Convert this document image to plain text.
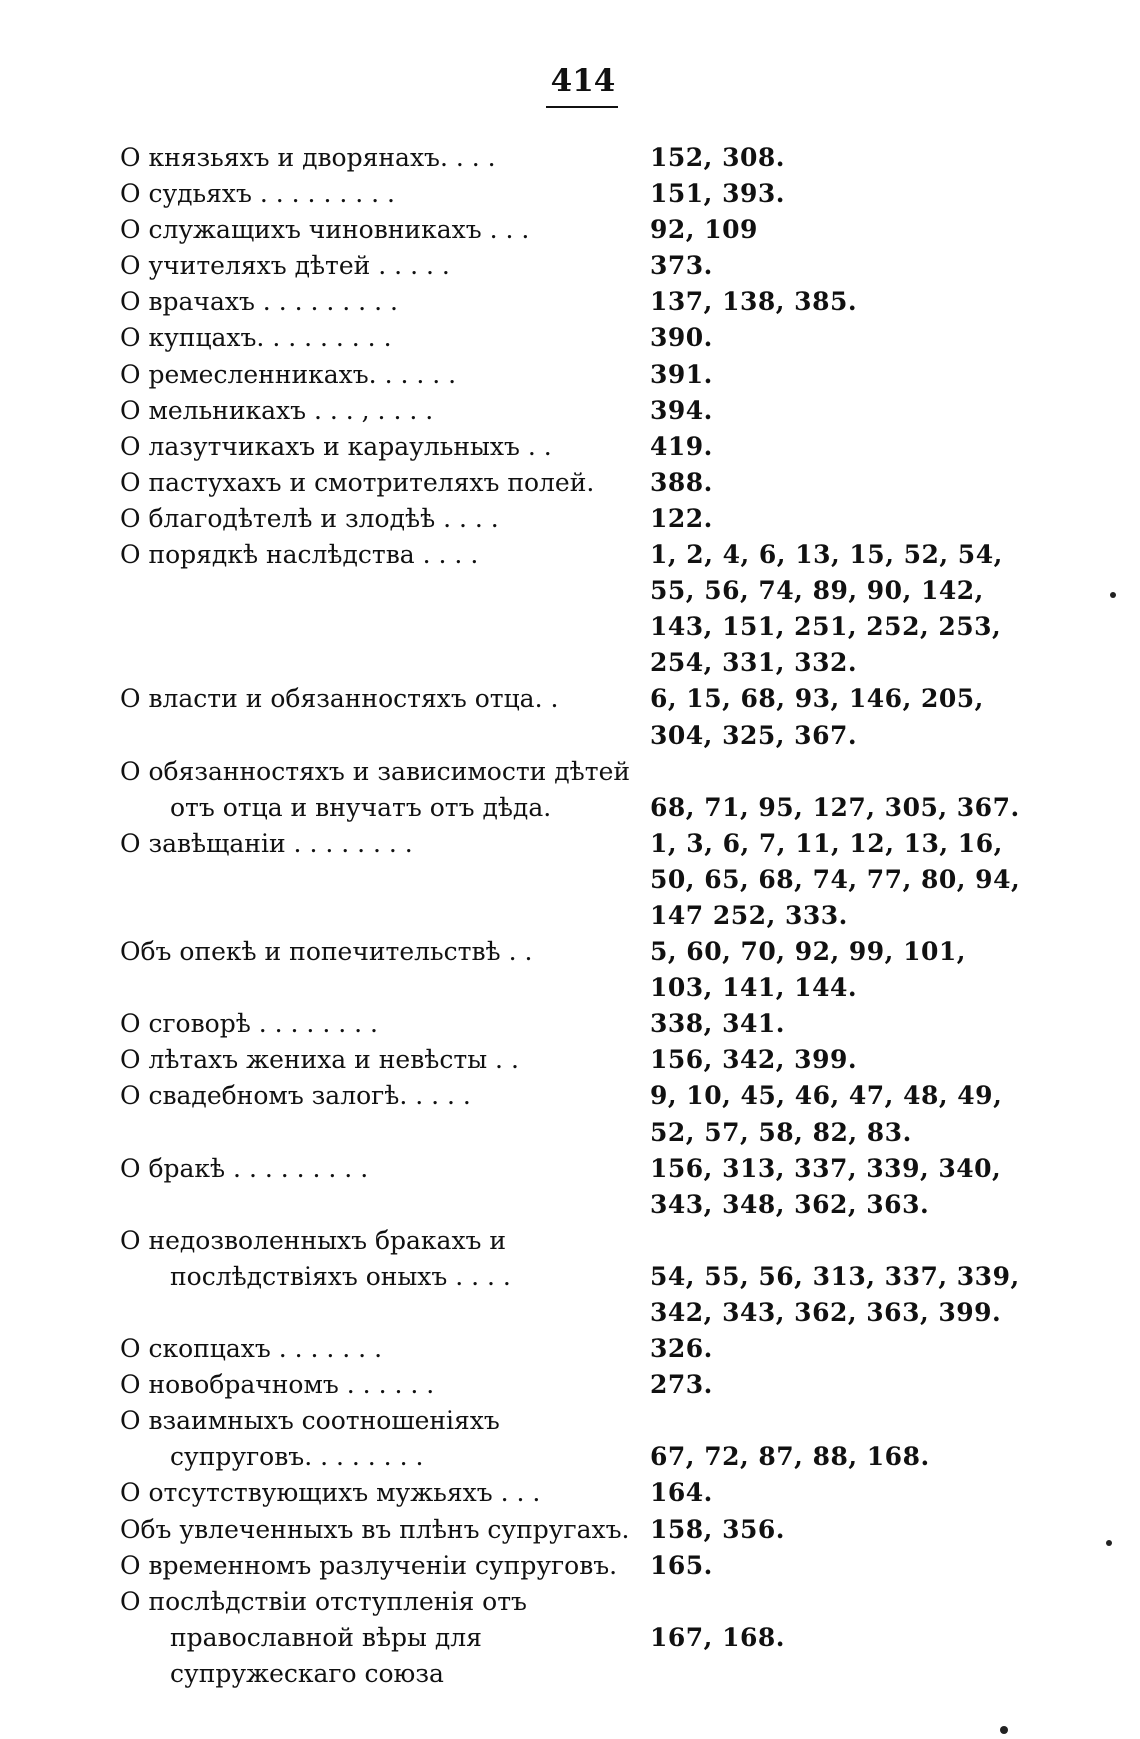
414
О князьяхъ и дворянахъ. . . .	152, 308.
О судьяхъ . . . . . . . . .	151, 393.
О служащихъ чиновникахъ . . .	92, 109
О учителяхъ дѣтей . . . . .	373.
О врачахъ . . . . . . . . .	137, 138, 385.
О купцахъ. . . . . . . . .	390.
О ремесленникахъ. . . . . .	391.
О мельникахъ . . . , . . . .	394.
О лазутчикахъ и караульныхъ . .	419.
О пастухахъ и смотрителяхъ полей.	388.
О благодѣтелѣ и злодѣѣ . . . .	122.
О порядкѣ наслѣдства . . . .	1, 2, 4, 6, 13, 15, 52, 54,
55, 56, 74, 89, 90, 142,
143, 151, 251, 252, 253,
254, 331, 332.
О власти и обязанностяхъ отца. .	6, 15, 68, 93, 146, 205,
304, 325, 367.
О обязанностяхъ и зависимости дѣтей отъ отца и внучатъ отъ дѣда.	
68, 71, 95, 127, 305, 367.
О завѣщаніи . . . . . . . .	1, 3, 6, 7, 11, 12, 13, 16,
50, 65, 68, 74, 77, 80, 94,
147 252, 333.
Объ опекѣ и попечительствѣ . .	5, 60, 70, 92, 99, 101,
103, 141, 144.
О сговорѣ . . . . . . . .	338, 341.
О лѣтахъ жениха и невѣсты . .	156, 342, 399.
О свадебномъ залогѣ. . . . .	9, 10, 45, 46, 47, 48, 49,
52, 57, 58, 82, 83.
О бракѣ . . . . . . . . .	156, 313, 337, 339, 340,
343, 348, 362, 363.
О недозволенныхъ бракахъ и послѣдствіяхъ оныхъ . . . .	
54, 55, 56, 313, 337, 339,
342, 343, 362, 363, 399.
О скопцахъ . . . . . . .	326.
О новобрачномъ . . . . . .	273.
О взаимныхъ соотношеніяхъ супруговъ. . . . . . . .	
67, 72, 87, 88, 168.
О отсутствующихъ мужьяхъ . . .	164.
Объ увлеченныхъ въ плѣнъ супругахъ. 158, 356.
О временномъ разлученіи супруговъ.	165.
О послѣдствіи отступленія отъ православной вѣры для супружескаго союза

167, 168.
